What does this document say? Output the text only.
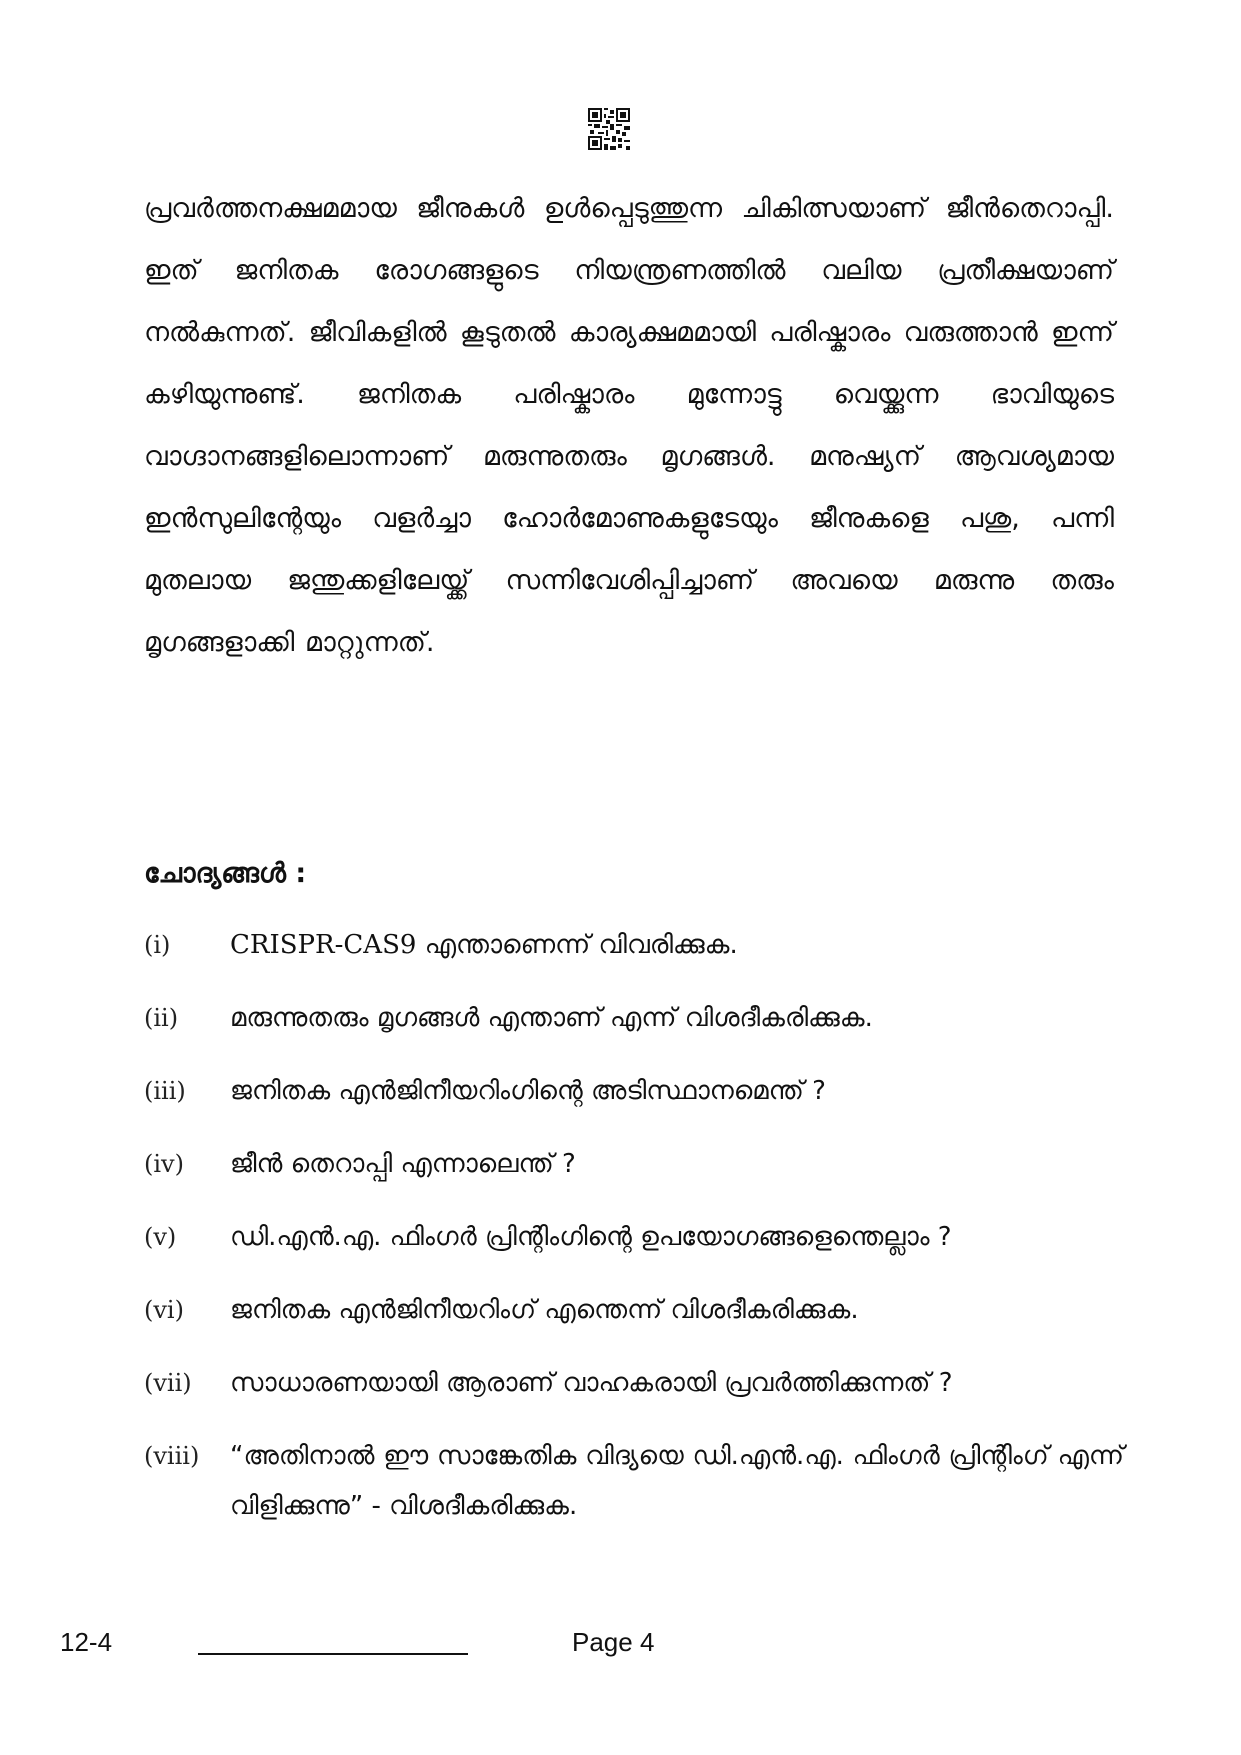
പ്രവർത്തനക്ഷമമായ ജീനുകൾ ഉൾപ്പെടുത്തുന്ന ചികിത്സയാണ് ജീൻതെറാപ്പി. ഇത് ജനിതക രോഗങ്ങളുടെ നിയന്ത്രണത്തിൽ വലിയ പ്രതീക്ഷയാണ് നൽകുന്നത്. ജീവികളിൽ കൂടുതൽ കാര്യക്ഷമമായി പരിഷ്കാരം വരുത്താൻ ഇന്ന് കഴിയുന്നുണ്ട്. ജനിതക പരിഷ്കാരം മുന്നോട്ടു വെയ്ക്കുന്ന ഭാവിയുടെ വാഗ്ദാനങ്ങളിലൊന്നാണ് മരുന്നുതരും മൃഗങ്ങൾ. മനുഷ്യന് ആവശ്യമായ ഇൻസുലിന്റേയും വളർച്ചാ ഹോർമോണുകളുടേയും ജീനുകളെ പശു, പന്നി മുതലായ ജന്തുക്കളിലേയ്ക്ക് സന്നിവേശിപ്പിച്ചാണ് അവയെ മരുന്നു തരും മൃഗങ്ങളാക്കി മാറ്റുന്നത്.
ചോദ്യങ്ങൾ :
(i)	CRISPR-CAS9 എന്താണെന്ന് വിവരിക്കുക.
(ii)	മരുന്നുതരും മൃഗങ്ങൾ എന്താണ് എന്ന് വിശദീകരിക്കുക.
(iii)	ജനിതക എൻജിനീയറിംഗിന്റെ അടിസ്ഥാനമെന്ത് ?
(iv)	ജീൻ തെറാപ്പി എന്നാലെന്ത് ?
(v)	ഡി.എൻ.എ. ഫിംഗർ പ്രിന്റിംഗിന്റെ ഉപയോഗങ്ങളെന്തെല്ലാം ?
(vi)	ജനിതക എൻജിനീയറിംഗ് എന്തെന്ന് വിശദീകരിക്കുക.
(vii)	സാധാരണയായി ആരാണ് വാഹകരായി പ്രവർത്തിക്കുന്നത് ?
(viii)	“അതിനാൽ ഈ സാങ്കേതിക വിദ്യയെ ഡി.എൻ.എ. ഫിംഗർ പ്രിന്റിംഗ് എന്ന് വിളിക്കുന്നു” - വിശദീകരിക്കുക.
12-4	Page 4
